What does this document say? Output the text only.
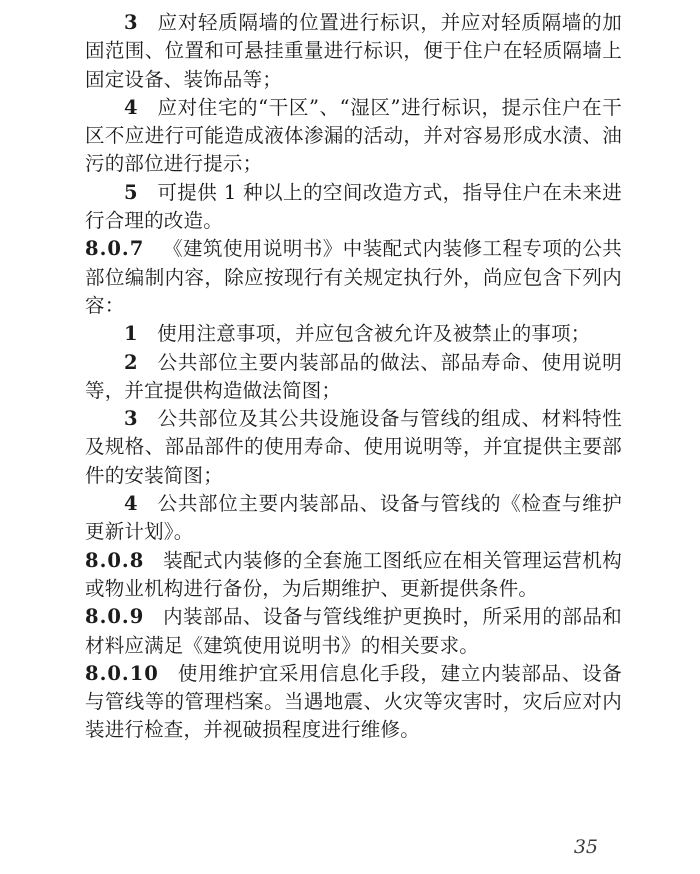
3 应对轻质隔墙的位置进行标识，并应对轻质隔墙的加固范围、位置和可悬挂重量进行标识，便于住户在轻质隔墙上固定设备、装饰品等；

4 应对住宅的“干区”、“湿区”进行标识，提示住户在干区不应进行可能造成液体渗漏的活动，并对容易形成水渍、油污的部位进行提示；

5 可提供 1 种以上的空间改造方式，指导住户在未来进行合理的改造。

8.0.7 《建筑使用说明书》中装配式内装修工程专项的公共部位编制内容，除应按现行有关规定执行外，尚应包含下列内容：

1 使用注意事项，并应包含被允许及被禁止的事项；

2 公共部位主要内装部品的做法、部品寿命、使用说明等，并宜提供构造做法简图；

3 公共部位及其公共设施设备与管线的组成、材料特性及规格、部品部件的使用寿命、使用说明等，并宜提供主要部件的安装简图；

4 公共部位主要内装部品、设备与管线的《检查与维护更新计划》。

8.0.8 装配式内装修的全套施工图纸应在相关管理运营机构或物业机构进行备份，为后期维护、更新提供条件。

8.0.9 内装部品、设备与管线维护更换时，所采用的部品和材料应满足《建筑使用说明书》的相关要求。

8.0.10 使用维护宜采用信息化手段，建立内装部品、设备与管线等的管理档案。当遇地震、火灾等灾害时，灾后应对内装进行检查，并视破损程度进行维修。

35
